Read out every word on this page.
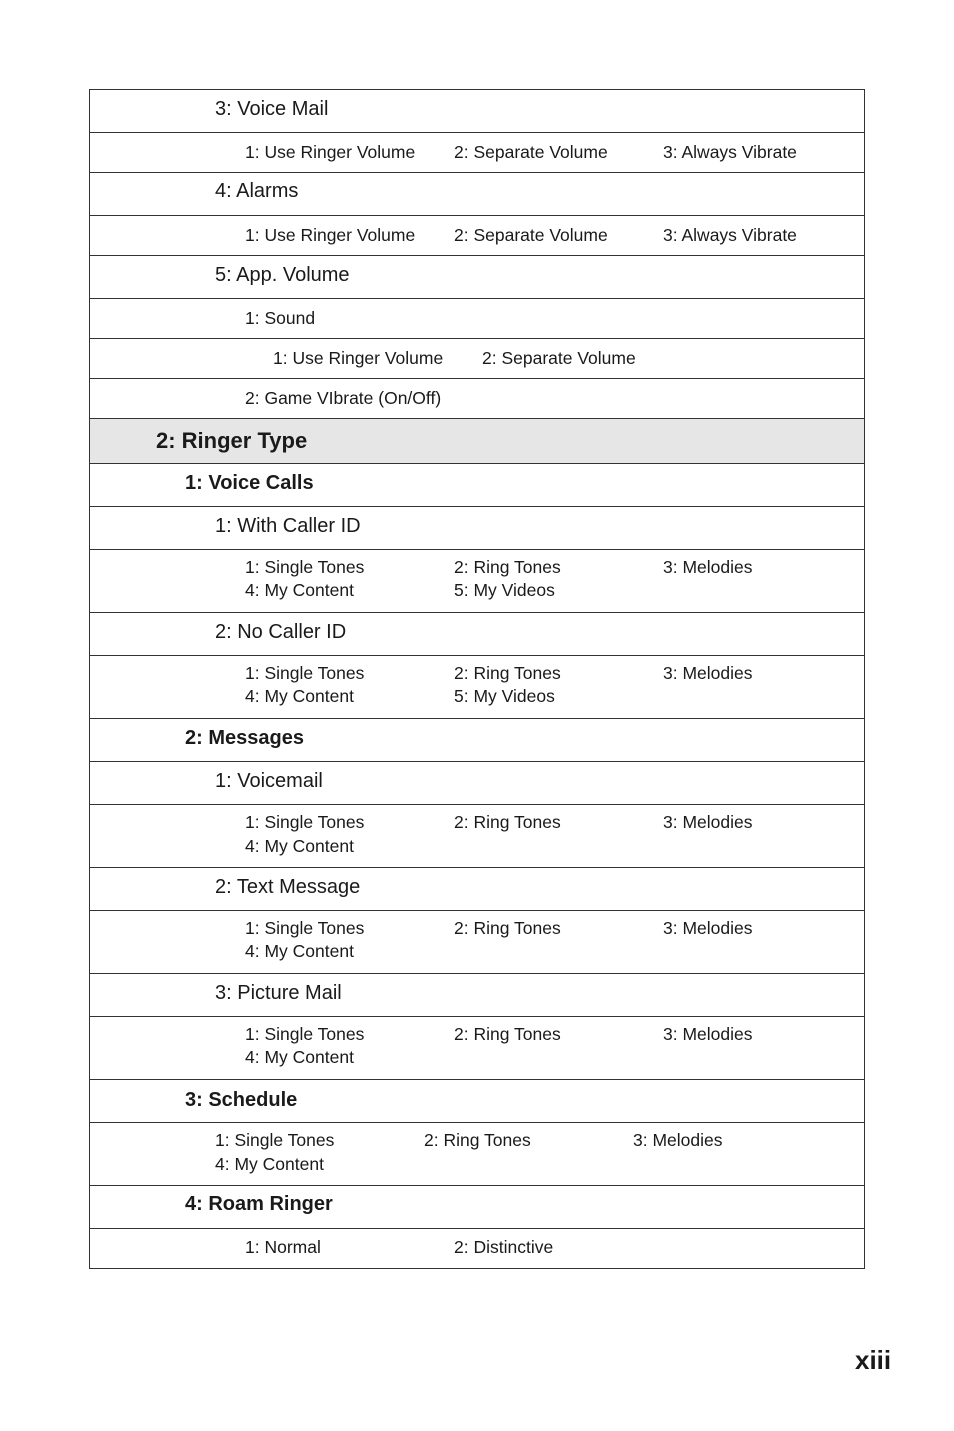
3: Voice Mail
1: Use Ringer Volume 2: Separate Volume	3: Always Vibrate
4: Alarms
1: Use Ringer Volume 2: Separate Volume	3: Always Vibrate
5: App. Volume
1: Sound
1: Use Ringer Volume 2: Separate Volume
2: Game VIbrate (On/Off)
2: Ringer Type
1: Voice Calls
1: With Caller ID
1: Single Tones	2: Ring Tones	3: Melodies
4: My Content	5: My Videos
2: No Caller ID
1: Single Tones	2: Ring Tones	3: Melodies
4: My Content	5: My Videos
2: Messages
1: Voicemail
1: Single Tones	2: Ring Tones	3: Melodies
4: My Content
2: Text Message
1: Single Tones	2: Ring Tones	3: Melodies
4: My Content
3: Picture Mail
1: Single Tones	2: Ring Tones	3: Melodies
4: My Content
3: Schedule
1: Single Tones	2: Ring Tones	3: Melodies
4: My Content
4: Roam Ringer
1: Normal	2: Distinctive
xiii
